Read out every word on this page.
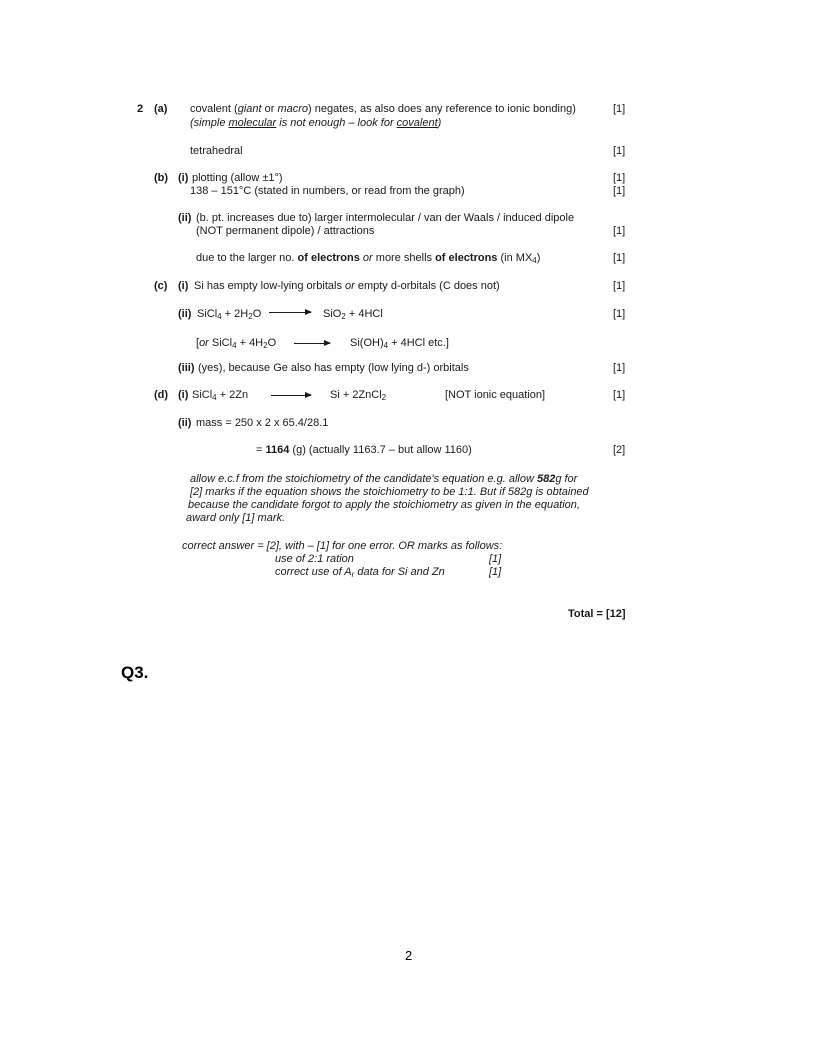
2 (a) covalent (giant or macro) negates, as also does any reference to ionic bonding)	[1]
(simple molecular is not enough – look for covalent)
tetrahedral	[1]
(b) (i) plotting (allow ±1°)	[1]
138 – 151°C (stated in numbers, or read from the graph)	[1]
(ii) (b. pt. increases due to) larger intermolecular / van der Waals / induced dipole
(NOT permanent dipole) / attractions	[1]
due to the larger no. of electrons or more shells of electrons (in $MX_4$)	[1]
(c) (i) Si has empty low-lying orbitals or empty d-orbitals (C does not)	[1]
(ii) SiCl$_4$ + $2H_2O \to SiO_2 + 4HCl$	[1]
[or SiCl$_4$ + $4H_2O$	$Si(OH)_4 + 4HCl$ etc.]
(iii) (yes), because Ge also has empty (low lying d-) orbitals	[1]
(d) (i) SiCl$_4$ + 2Zn	Si + 2ZnCl$_2$	[NOT ionic equation]	[1]
(ii) mass = 250 x 2 x 65.4/28.1
= 1164 (g) (actually 1163.7 – but allow 1160)	[2]
allow e.c.f from the stoichiometry of the candidate's equation e.g. allow 582g for
[2] marks if the equation shows the stoichiometry to be 1:1. But if 582g is obtained
because the candidate forgot to apply the stoichiometry as given in the equation,
award only [1] mark.
correct answer = [2], with – [1] for one error. OR marks as follows:
use of 2:1 ration	[1]
correct use of $A_r$ data for Si and Zn	[1]
Total = [12]
Q3.
2
